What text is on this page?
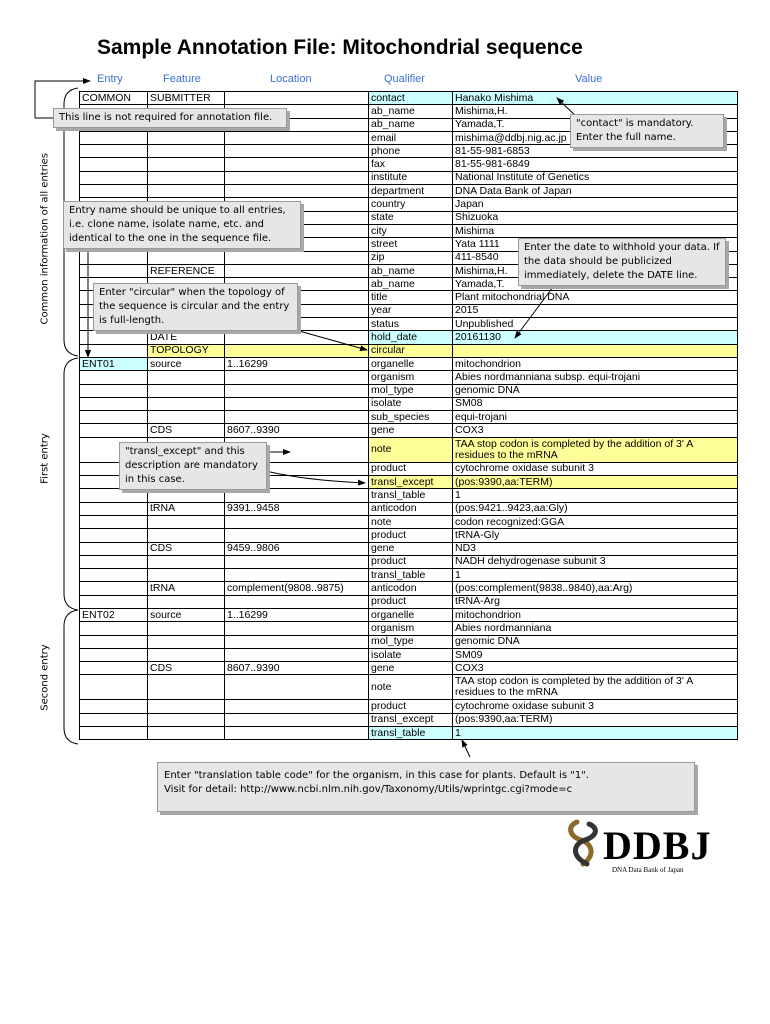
Sample Annotation File: Mitochondrial sequence
Entry	Feature	Location	Qualifier	Value
COMMON	SUBMITTER		contact	Hanako Mishima
			ab_name	Mishima,H.
			ab_name	Yamada,T.
			email	mishima@ddbj.nig.ac.jp
			phone	81-55-981-6853
			fax	81-55-981-6849
			institute	National Institute of Genetics
			department	DNA Data Bank of Japan
			country	Japan
			state	Shizuoka
			city	Mishima
			street	Yata 1111
			zip	411-8540
	REFERENCE		ab_name	Mishima,H.
			ab_name	Yamada,T.
			title	Plant mitochondrial DNA
			year	2015
			status	Unpublished
	DATE		hold_date	20161130
	TOPOLOGY		circular	
ENT01	source	1..16299	organelle	mitochondrion
			organism	Abies nordmanniana subsp. equi-trojani
			mol_type	genomic DNA
			isolate	SM08
			sub_species	equi-trojani
	CDS	8607..9390	gene	COX3
			note	TAA stop codon is completed by the addition of 3' A residues to the mRNA
			product	cytochrome oxidase subunit 3
			transl_except	(pos:9390,aa:TERM)
			transl_table	1
	tRNA	9391..9458	anticodon	(pos:9421..9423,aa:Gly)
			note	codon recognized:GGA
			product	tRNA-Gly
	CDS	9459..9806	gene	ND3
			product	NADH dehydrogenase subunit 3
			transl_table	1
	tRNA	complement(9808..9875)	anticodon	(pos:complement(9838..9840),aa:Arg)
			product	tRNA-Arg
ENT02	source	1..16299	organelle	mitochondrion
			organism	Abies nordmanniana
			mol_type	genomic DNA
			isolate	SM09
	CDS	8607..9390	gene	COX3
			note	TAA stop codon is completed by the addition of 3' A residues to the mRNA
			product	cytochrome oxidase subunit 3
			transl_except	(pos:9390,aa:TERM)
			transl_table	1
Common information of all entries
First entry
Second entry
This line is not required for annotation file.
"contact" is mandatory. Enter the full name.
Entry name should be unique to all entries, i.e. clone name, isolate name, etc. and identical to the one in the sequence file.
Enter the date to withhold your data. If the data should be publicized immediately, delete the DATE line.
Enter "circular" when the topology of the sequence is circular and the entry is full-length.
"transl_except" and this description are mandatory in this case.
Enter "translation table code" for the organism, in this case for plants. Default is "1".
Visit for detail: http://www.ncbi.nlm.nih.gov/Taxonomy/Utils/wprintgc.cgi?mode=c
DDBJ
DNA Data Bank of Japan
